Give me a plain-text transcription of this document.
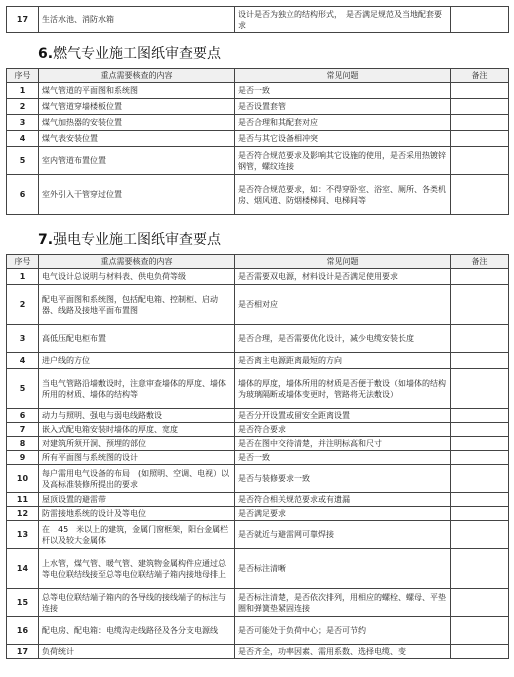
17	生活水池、消防水箱	设计是否为独立的结构形式，　是否满足规范及当地配套要求	
6.燃气专业施工图纸审查要点
序号	重点需要核查的内容	常见问题	备注
1	煤气管道的平面图和系统图	是否一致	
2	煤气管道穿墙楼板位置	是否设置套管	
3	煤气加热器的安装位置	是否合理和其配套对应	
4	煤气表安装位置	是否与其它设备相冲突	
5	室内管道布置位置	是否符合规范要求及影响其它设施的使用，是否采用热镀锌钢管，螺纹连接	
6	室外引入干管穿过位置	是否符合规范要求，如：不得穿卧室、浴室、厕所、各类机房、烟风道、防烟楼梯间、电梯间等	
7.强电专业施工图纸审查要点
序号	重点需要核查的内容	常见问题	备注
1	电气设计总说明与材料表、供电负荷等级	是否需要双电源，材料设计是否满足使用要求	
2	配电平面图和系统图，包括配电箱、控制柜、启动器、线路及接地平面布置图	是否相对应	
3	高低压配电柜布置	是否合理，是否需要优化设计，减少电缆安装长度	
4	进户线的方位	是否离主电源距离最短的方向	
5	当电气管路沿墙敷设时，注意审查墙体的厚度、墙体所用的材质、墙体的结构等	墙体的厚度，墙体所用的材质是否便于敷设（如墙体的结构为玻璃隔断或墙体变更时，管路将无法敷设）	
6	动力与照明、强电与弱电线路敷设	是否分开设置或留安全距离设置	
7	嵌入式配电箱安装时墙体的厚度、宽度	是否符合要求	
8	对建筑所须开洞、预埋的部位	是否在图中交待清楚，并注明标高和尺寸	
9	所有平面图与系统图的设计	是否一致	
10	每户需用电气设备的布局　(如照明、空调、电视）以及高标准装修所提出的要求	是否与装修要求一致	
11	屋顶设置的避雷带	是否符合相关规范要求或有遗漏	
12	防雷接地系统的设计及等电位	是否满足要求	
13	在　45　米以上的建筑，金属门窗框架，阳台金属栏杆以及较大金属体	是否就近与避雷网可靠焊接	
14	上水管，煤气管、暖气管、建筑物金属构件应通过总等电位联结线接至总等电位联结端子箱内接地母排上	是否标注清晰	
15	总等电位联结端子箱内的各导线的接线端子的标注与连接	是否标注清楚，是否依次排列，用相应的螺栓、螺母、平垫圈和弹簧垫紧固连接	
16	配电房、配电箱：电缆沟走线路径及各分支电源线	是否可能处于负荷中心；是否可节约	
17	负荷统计	是否齐全，功率因素、需用系数、选择电缆、变	
